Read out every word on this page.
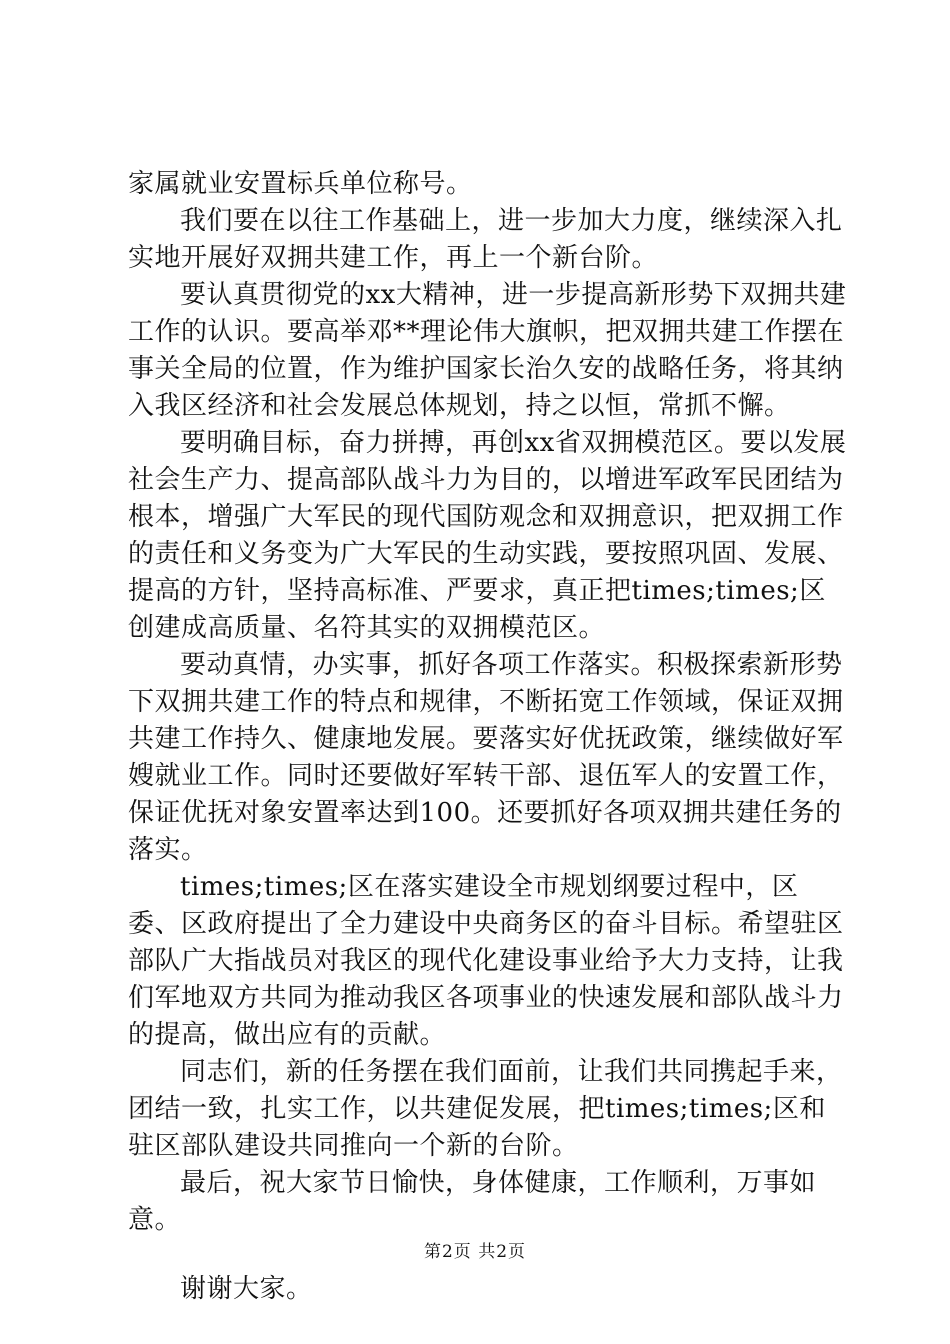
家属就业安置标兵单位称号。

我们要在以往工作基础上，进一步加大力度，继续深入扎实地开展好双拥共建工作，再上一个新台阶。

要认真贯彻党的xx大精神，进一步提高新形势下双拥共建工作的认识。要高举邓**理论伟大旗帜，把双拥共建工作摆在事关全局的位置，作为维护国家长治久安的战略任务，将其纳入我区经济和社会发展总体规划，持之以恒，常抓不懈。

要明确目标，奋力拼搏，再创xx省双拥模范区。要以发展社会生产力、提高部队战斗力为目的，以增进军政军民团结为根本，增强广大军民的现代国防观念和双拥意识，把双拥工作的责任和义务变为广大军民的生动实践，要按照巩固、发展、提高的方针，坚持高标准、严要求，真正把times;times;区创建成高质量、名符其实的双拥模范区。

要动真情，办实事，抓好各项工作落实。积极探索新形势下双拥共建工作的特点和规律，不断拓宽工作领域，保证双拥共建工作持久、健康地发展。要落实好优抚政策，继续做好军嫂就业工作。同时还要做好军转干部、退伍军人的安置工作，保证优抚对象安置率达到100。还要抓好各项双拥共建任务的落实。

times;times;区在落实建设全市规划纲要过程中，区委、区政府提出了全力建设中央商务区的奋斗目标。希望驻区部队广大指战员对我区的现代化建设事业给予大力支持，让我们军地双方共同为推动我区各项事业的快速发展和部队战斗力的提高，做出应有的贡献。

同志们，新的任务摆在我们面前，让我们共同携起手来，团结一致，扎实工作，以共建促发展，把times;times;区和驻区部队建设共同推向一个新的台阶。

最后，祝大家节日愉快，身体健康，工作顺利，万事如意。

谢谢大家。

第2页 共2页
